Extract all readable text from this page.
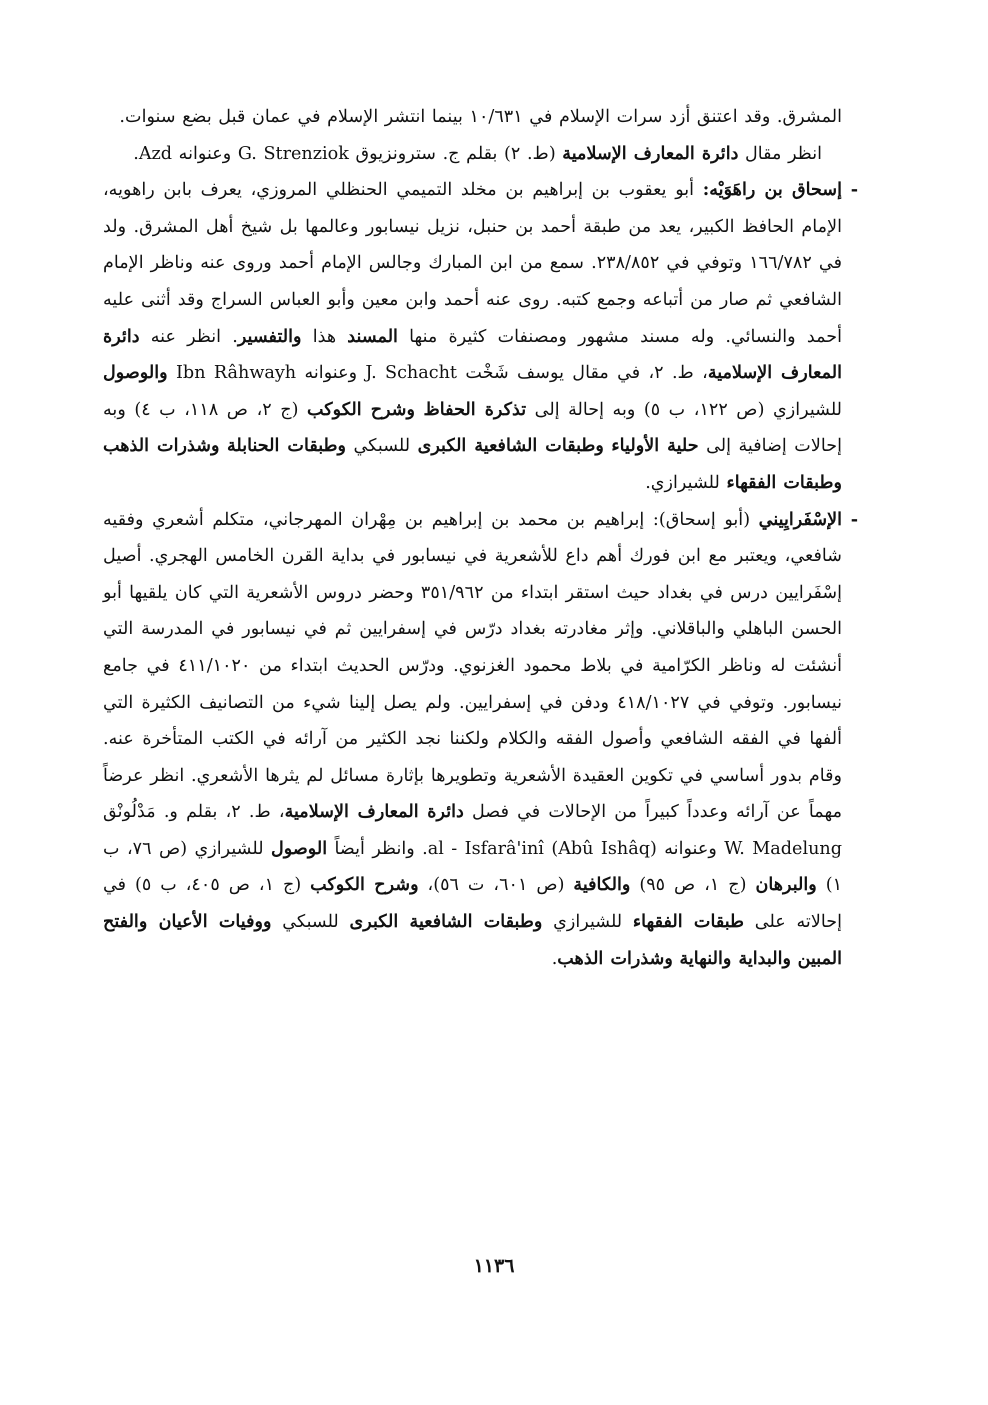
المشرق. وقد اعتنق أزد سرات الإسلام في ١٠/٦٣١ بينما انتشر الإسلام في عمان قبل بضع سنوات.

انظر مقال دائرة المعارف الإسلامية (ط. ٢) بقلم ج. سترونزيوق G. Strenziok وعنوانه Azd.

-
إسحاق بن راهَوَيْه: أبو يعقوب بن إبراهيم بن مخلد التميمي الحنظلي المروزي، يعرف بابن راهويه، الإمام الحافظ الكبير، يعد من طبقة أحمد بن حنبل، نزيل نيسابور وعالمها بل شيخ أهل المشرق. ولد في ١٦٦/٧٨٢ وتوفي في ٢٣٨/٨٥٢. سمع من ابن المبارك وجالس الإمام أحمد وروى عنه وناظر الإمام الشافعي ثم صار من أتباعه وجمع كتبه. روى عنه أحمد وابن معين وأبو العباس السراج وقد أثنى عليه أحمد والنسائي. وله مسند مشهور ومصنفات كثيرة منها المسند هذا والتفسير. انظر عنه دائرة المعارف الإسلامية، ط. ٢، في مقال يوسف شَخْت J. Schacht وعنوانه Ibn Râhwayh والوصول للشيرازي (ص ١٢٢، ب ٥) وبه إحالة إلى تذكرة الحفاظ وشرح الكوكب (ج ٢، ص ١١٨، ب ٤) وبه إحالات إضافية إلى حلية الأولياء وطبقات الشافعية الكبرى للسبكي وطبقات الحنابلة وشذرات الذهب وطبقات الفقهاء للشيرازي.

-
الإسْفَرايِيني (أبو إسحاق): إبراهيم بن محمد بن إبراهيم بن مِهْران المهرجاني، متكلم أشعري وفقيه شافعي، ويعتبر مع ابن فورك أهم داع للأشعرية في نيسابور في بداية القرن الخامس الهجري. أصيل إسْفَرايين درس في بغداد حيث استقر ابتداء من ٣٥١/٩٦٢ وحضر دروس الأشعرية التي كان يلقيها أبو الحسن الباهلي والباقلاني. وإثر مغادرته بغداد درّس في إسفرايين ثم في نيسابور في المدرسة التي أنشئت له وناظر الكرّامية في بلاط محمود الغزنوي. ودرّس الحديث ابتداء من ٤١١/١٠٢٠ في جامع نيسابور. وتوفي في ٤١٨/١٠٢٧ ودفن في إسفرايين. ولم يصل إلينا شيء من التصانيف الكثيرة التي ألفها في الفقه الشافعي وأصول الفقه والكلام ولكننا نجد الكثير من آرائه في الكتب المتأخرة عنه. وقام بدور أساسي في تكوين العقيدة الأشعرية وتطويرها بإثارة مسائل لم يثرها الأشعري. انظر عرضاً مهماً عن آرائه وعدداً كبيراً من الإحالات في فصل دائرة المعارف الإسلامية، ط. ٢، بقلم و. مَدْلُونْق W. Madelung وعنوانه al - Isfarâ'inî (Abû Ishâq). وانظر أيضاً الوصول للشيرازي (ص ٧٦، ب ١) والبرهان (ج ١، ص ٩٥) والكافية (ص ٦٠١، ت ٥٦)، وشرح الكوكب (ج ١، ص ٤٠٥، ب ٥) في إحالاته على طبقات الفقهاء للشيرازي وطبقات الشافعية الكبرى للسبكي ووفيات الأعيان والفتح المبين والبداية والنهاية وشذرات الذهب.

١١٣٦
